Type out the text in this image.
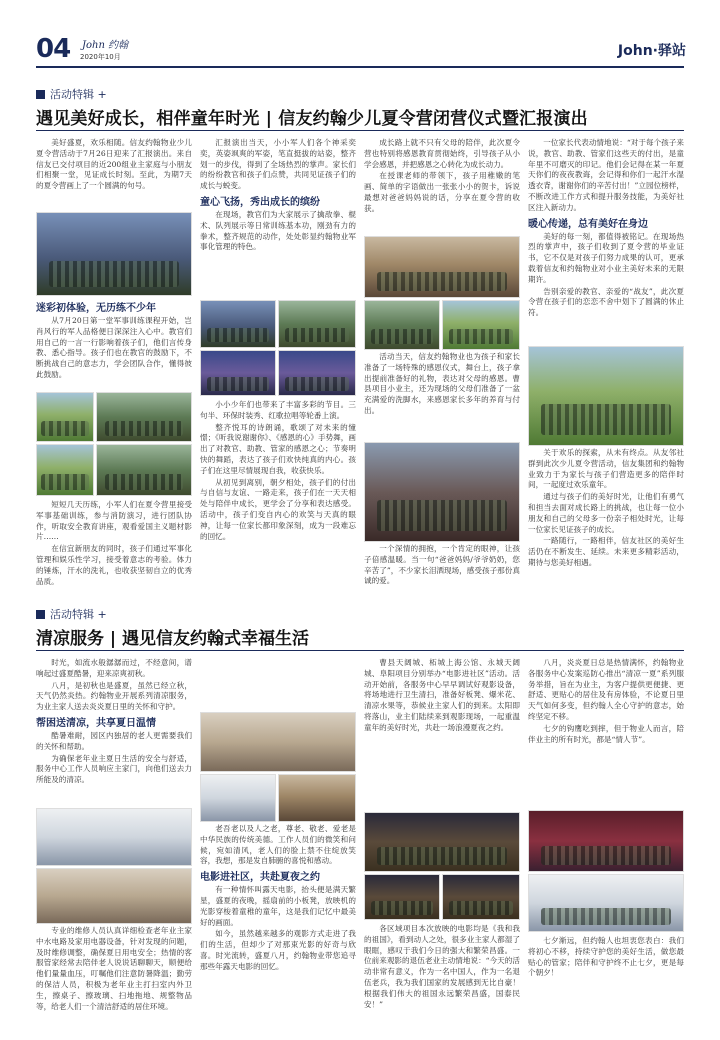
04 John 约翰
2020年10月	John·驿站
活动特辑 +
遇见美好成长，相伴童年时光 | 信友约翰少儿夏令营闭营仪式暨汇报演出

美好盛夏，欢乐相随。信友约翰物业少儿夏令营活动于7月26日迎来了汇报演出。来自信友已交付项目的近200组业主家庭与小朋友们相聚一堂，见证成长时刻。至此，为期7天的夏令营画上了一个圆满的句号。

迷彩初体验，无历练不少年

从7月20日第一堂军事训练课程开始，岂肖风行的军人品格便日深深注入心中。教官们用自己的一言一行影响着孩子们，他们言传身教、悉心指导。孩子们也在教官的鼓励下，不断挑战自己的意志力，学会团队合作，懂得彼此鼓励。

短短几天历练，小军人们在夏令营里接受军事基础训练，参与消防演习，进行团队协作，听取安全教育讲座，观看爱国主义题材影片……

在信宜新朋友的同时，孩子们通过军事化管理和娱乐性学习，接受着意志的考验。体力的锤炼，汗水的洗礼，也收获坚韧自立的优秀品质。

汇报演出当天，小小军人们各个神采奕奕，英姿飒爽的军姿，笔直挺拔的站姿，整齐划一的步伐，得到了全场热烈的掌声。家长们的纷纷教官和孩子们点赞，共同见证孩子们的成长与蜕变。

童心飞扬，秀出成长的缤纷

在现场，教官们为大家展示了擒敌拳、棍术、队列展示等日常训练基本功，刚劲有力的拳术，整齐规范的动作，处处彰显约翰物业军事化管理的特色。

小小少年们也带来了丰富多彩的节目。三句半、环保时装秀、红歌拉唱等轮番上演。

整齐悦耳的诗朗诵，歌颂了对未来的憧憬；《听我说谢谢你》、《感恩的心》手势舞，画出了对教官、助教、管家的感恩之心；节奏明快的舞蹈，表达了孩子们欢快纯真的内心。孩子们在这里尽情展现自我，收获快乐。

从初见到离别，朝夕相处，孩子们的付出与自信与友谊、一路走来，孩子们在一天天相处与陪伴中成长，更学会了分享和表达感受。活动中，孩子们变自内心的欢笑与天真的眼神，让每一位家长都印象深刻，成为一段难忘的回忆。

成长路上就不只有父母的陪伴，此次夏令营也特别将感恩教育贯彻始终，引导孩子从小学会感恩，并把感恩之心转化为成长动力。

在授课老师的带领下，孩子用稚嫩的笔画、简单的字语做出一张张小小的贺卡，诉说最想对爸爸妈妈说的话，分享在夏令营的收获。

活动当天，信友约翰物业也为孩子和家长准备了一场特殊的感恩仪式，舞台上，孩子拿出提前准备好的礼物，表达对父母的感恩。曹县项目小业主，还为现场的父母们准备了一盆充满爱的洗脚水，来感恩家长多年的养育与付出。

一个深情的拥抱，一个肯定的眼神，让孩子倍感温暖。当一句“爸爸妈妈/爷爷奶奶，您辛苦了”，不少家长泪洒现场，感受孩子那份真诚的爱。

一位家长代表动情地说：“对于每个孩子来说，教官、助教、管家们这些天的付出，是童年里不可磨灭的印记。他们会记得在某一年夏天你们的夜夜教诲，会记得和你们一起汗水湿透衣背，谢谢你们的辛苦付出！”立园位榜样，不断改进工作方式和提升服务技能，为美好社区注入新动力。

暖心传递，总有美好在身边

美好的每一刻，都值得被铭记。在现场热烈的掌声中，孩子们收到了夏令营的毕业证书，它不仅是对孩子们努力成果的认可，更承载着信友和约翰物业对小业主美好未来的无限期许。

告别亲爱的教官、亲爱的“战友”，此次夏令营在孩子们的恋恋不舍中划下了圆满的休止符。

关于欢乐的探索，从未有终点。从友邻社群到此次少儿夏令营活动，信友集团和约翰物业致力于为家长与孩子们营造更多的陪伴时间，一起度过欢乐童年。

通过与孩子们的美好时光，让他们有勇气和担当去面对成长路上的挑战，也让每一位小朋友和自己的父母多一份亲子相处时光，让每一位家长见证孩子的成长。

一路随行，一路相伴，信友社区的美好生活仍在不断发生、延续。未来更多精彩活动，期待与您美好相遇。

活动特辑 +
清凉服务 | 遇见信友约翰式幸福生活

时光，如流水般潺潺而过，不经意间，谱响起过盛夏酷暑，迎来凉爽初秋。

八月，是初秋也是盛夏，虽然已经立秋，天气仍然炎热。约翰物业开展系列清凉服务，为业主家人送去炎炎夏日里的关怀和守护。

帮困送清凉，共享夏日温情

酷暑难耐，园区内独居的老人更需要我们的关怀和帮助。

为确保老年业主夏日生活的安全与舒适，服务中心工作人员响应主家门，向他们送去力所能及的清凉。

专业的维修人员认真详细检查老年业主家中水电路及家用电器设备，针对发现的问题，及时维修调整，确保夏日用电安全；热情的客服管家经常去陪伴老人说说话聊聊天，顺便给他们量量血压，叮嘱他们注意防暑降温；勤劳的保洁人员，积极为老年业主打扫室内外卫生，擦桌子、擦玻璃、扫地拖地、规整物品等，给老人们一个清洁舒适的居住环境。

老吾老以及人之老，尊老、敬老、爱老是中华民族的传统美德。工作人员们的微笑和问候，宛如清风，老人们的脸上禁不住绽放笑容，我想，那是发自肺腑的喜悦和感动。

电影进社区，共赴夏夜之约

有一种情怀叫露天电影，抬头便是满天繁星，盛夏的夜晚，摇扇前的小板凳，放映机的光影穿梭着童稚的童年，这是我们记忆中最美好的画面。

如今，虽然越来越多的观影方式走进了我们的生活，但却少了对那束光影的好奇与欣喜。时光流转，盛夏八月，约翰物业带您追寻那些年露天电影的回忆。

曹县天阔城、柘城上海公馆、永城天阔城、阜阳项目分别举办“电影进社区”活动。活动开始前，各服务中心早早调试好观影设备，将场地进行卫生清扫，准备好板凳、爆米花、清凉水果等，恭候业主家人们的到来。太阳即将落山，业主们陆续来到观影现场，一起重温童年的美好时光，共赴一场浪漫夏夜之约。

各区域项目本次放映的电影均是《我和我的祖国》，看到动人之处，很多业主家人都湿了眼眶，感叹于我们今日的强大和繁荣昌盛。一位前来观影的退伍老业主动情地说：“今天的活动非常有意义，作为一名中国人，作为一名退伍老兵，我为我们国家的发展感到无比自豪！根据我们伟大的祖国永远繁荣昌盛，国泰民安！”

八月，炎炎夏日总是热情满怀，约翰物业各服务中心发案巡防心推出“清凉一夏”系列服务举措，旨在为业主，为客户提供更便捷、更舒适、更贴心的居住及有房体验，不论夏日里天气如何多变，但约翰人全心守护的意志，始终坚定不移。

七夕的钩鹰吃到摔，但于物业人而言，陪伴业主的所有时光，都是“情人节”。

七夕渐远，但约翰人也坦衷您表白：我们将初心不移，持续守护您的美好生活，做您最贴心的管家；陪伴和守护终不止七夕，更是每个朝夕！
